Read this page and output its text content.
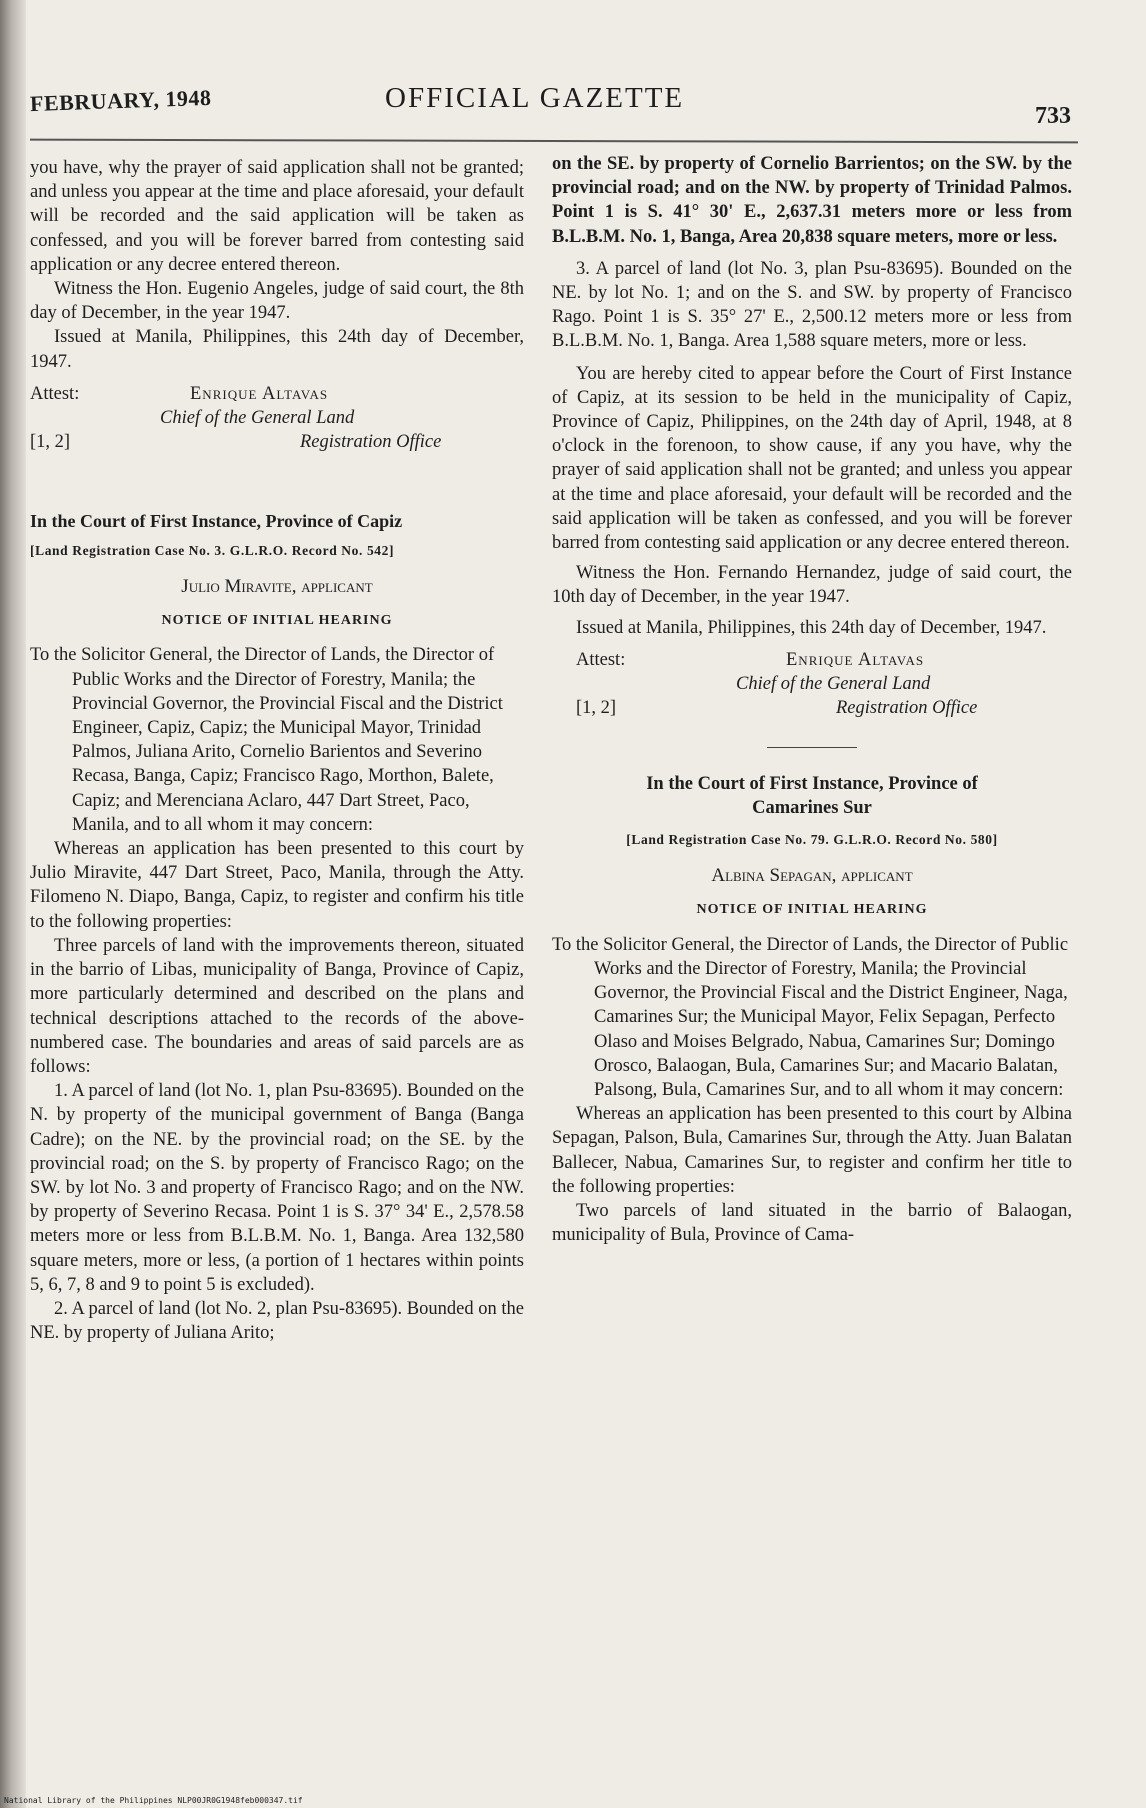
FEBRUARY, 1948	OFFICIAL GAZETTE
733

you have, why the prayer of said application shall not be granted; and unless you appear at the time and place aforesaid, your default will be recorded and the said application will be taken as confessed, and you will be forever barred from contesting said application or any decree entered thereon.

Witness the Hon. Eugenio Angeles, judge of said court, the 8th day of December, in the year 1947.

Issued at Manila, Philippines, this 24th day of December, 1947.

Attest:	Enrique Altavas
Chief of the General Land
Registration Office
[1, 2]
In the Court of First Instance, Province of Capiz
[Land Registration Case No. 3. G.L.R.O. Record No. 542]
Julio Miravite, applicant
NOTICE OF INITIAL HEARING

To the Solicitor General, the Director of Lands, the Director of Public Works and the Director of Forestry, Manila; the Provincial Governor, the Provincial Fiscal and the District Engineer, Capiz, Capiz; the Municipal Mayor, Trinidad Palmos, Juliana Arito, Cornelio Barientos and Severino Recasa, Banga, Capiz; Francisco Rago, Morthon, Balete, Capiz; and Merenciana Aclaro, 447 Dart Street, Paco, Manila, and to all whom it may concern:

Whereas an application has been presented to this court by Julio Miravite, 447 Dart Street, Paco, Manila, through the Atty. Filomeno N. Diapo, Banga, Capiz, to register and confirm his title to the following properties:

Three parcels of land with the improvements thereon, situated in the barrio of Libas, municipality of Banga, Province of Capiz, more particularly determined and described on the plans and technical descriptions attached to the records of the above-numbered case. The boundaries and areas of said parcels are as follows:

1. A parcel of land (lot No. 1, plan Psu-83695). Bounded on the N. by property of the municipal government of Banga (Banga Cadre); on the NE. by the provincial road; on the SE. by the provincial road; on the S. by property of Francisco Rago; on the SW. by lot No. 3 and property of Francisco Rago; and on the NW. by property of Severino Recasa. Point 1 is S. 37° 34' E., 2,578.58 meters more or less from B.L.B.M. No. 1, Banga. Area 132,580 square meters, more or less, (a portion of 1 hectares within points 5, 6, 7, 8 and 9 to point 5 is excluded).

2. A parcel of land (lot No. 2, plan Psu-83695). Bounded on the NE. by property of Juliana Arito;

on the SE. by property of Cornelio Barrientos; on the SW. by the provincial road; and on the NW. by property of Trinidad Palmos. Point 1 is S. 41° 30' E., 2,637.31 meters more or less from B.L.B.M. No. 1, Banga, Area 20,838 square meters, more or less.

3. A parcel of land (lot No. 3, plan Psu-83695). Bounded on the NE. by lot No. 1; and on the S. and SW. by property of Francisco Rago. Point 1 is S. 35° 27' E., 2,500.12 meters more or less from B.L.B.M. No. 1, Banga. Area 1,588 square meters, more or less.

You are hereby cited to appear before the Court of First Instance of Capiz, at its session to be held in the municipality of Capiz, Province of Capiz, Philippines, on the 24th day of April, 1948, at 8 o'clock in the forenoon, to show cause, if any you have, why the prayer of said application shall not be granted; and unless you appear at the time and place aforesaid, your default will be recorded and the said application will be taken as confessed, and you will be forever barred from contesting said application or any decree entered thereon.

Witness the Hon. Fernando Hernandez, judge of said court, the 10th day of December, in the year 1947.

Issued at Manila, Philippines, this 24th day of December, 1947.

Attest:	Enrique Altavas
Chief of the General Land
Registration Office
[1, 2]
In the Court of First Instance, Province of
Camarines Sur
[Land Registration Case No. 79. G.L.R.O. Record No. 580]
Albina Sepagan, applicant
NOTICE OF INITIAL HEARING

To the Solicitor General, the Director of Lands, the Director of Public Works and the Director of Forestry, Manila; the Provincial Governor, the Provincial Fiscal and the District Engineer, Naga, Camarines Sur; the Municipal Mayor, Felix Sepagan, Perfecto Olaso and Moises Belgrado, Nabua, Camarines Sur; Domingo Orosco, Balaogan, Bula, Camarines Sur; and Macario Balatan, Palsong, Bula, Camarines Sur, and to all whom it may concern:

Whereas an application has been presented to this court by Albina Sepagan, Palson, Bula, Camarines Sur, through the Atty. Juan Balatan Ballecer, Nabua, Camarines Sur, to register and confirm her title to the following properties:

Two parcels of land situated in the barrio of Balaogan, municipality of Bula, Province of Cama-

National Library of the Philippines NLP00JR0G1948feb000347.tif
